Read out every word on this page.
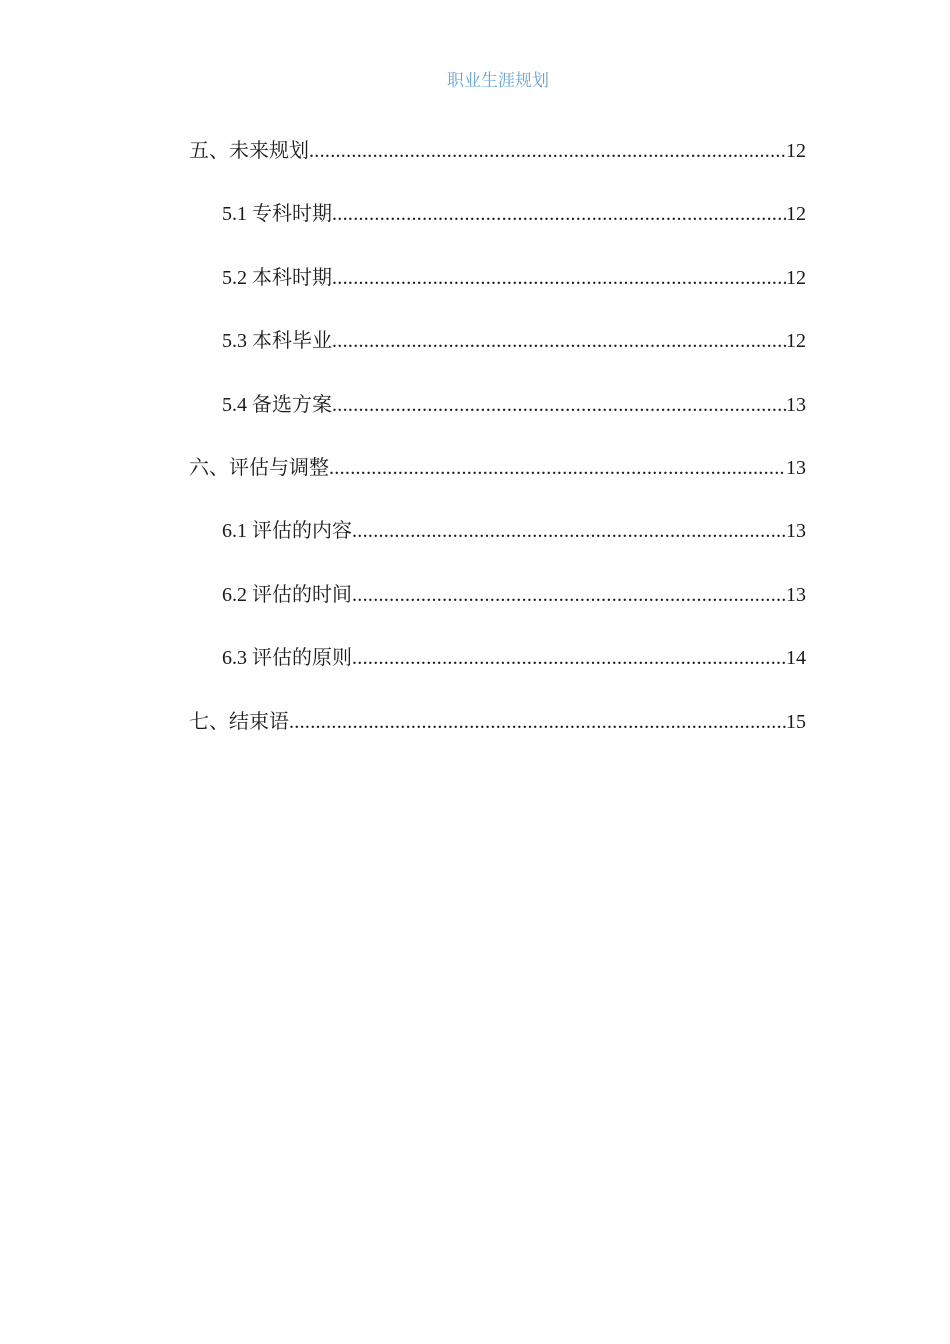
职业生涯规划
五、未来规划 .....	12
5.1 专科时期 .....	12
5.2 本科时期 .....	12
5.3 本科毕业 .....	12
5.4 备选方案 .....	13
六、评估与调整 .....	13
6.1 评估的内容 .....	13
6.2 评估的时间 .....	13
6.3 评估的原则 .....	14
七、结束语 .....	15
